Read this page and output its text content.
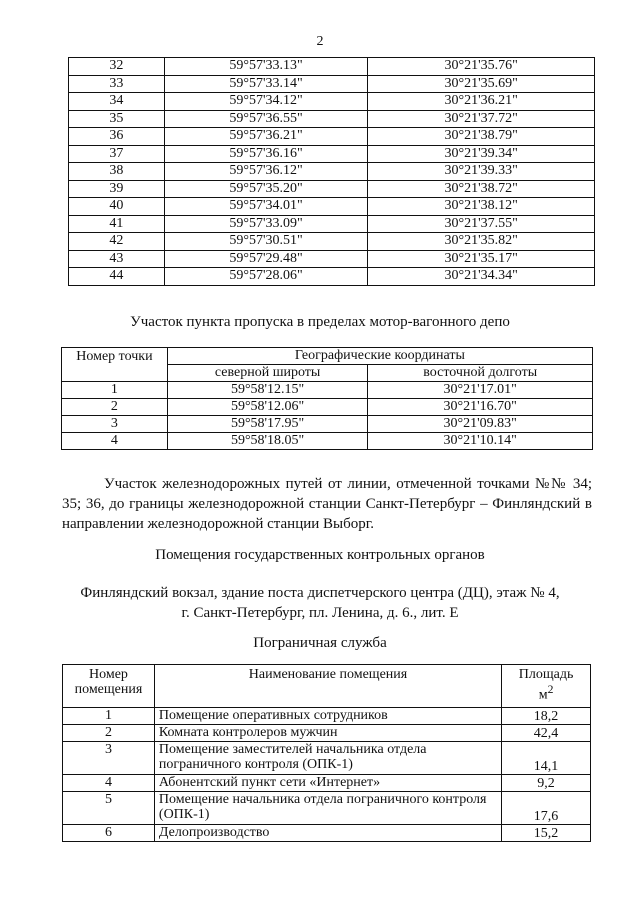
2
32	59°57'33.13"	30°21'35.76"
33	59°57'33.14"	30°21'35.69"
34	59°57'34.12"	30°21'36.21"
35	59°57'36.55"	30°21'37.72"
36	59°57'36.21"	30°21'38.79"
37	59°57'36.16"	30°21'39.34"
38	59°57'36.12"	30°21'39.33"
39	59°57'35.20"	30°21'38.72"
40	59°57'34.01"	30°21'38.12"
41	59°57'33.09"	30°21'37.55"
42	59°57'30.51"	30°21'35.82"
43	59°57'29.48"	30°21'35.17"
44	59°57'28.06"	30°21'34.34"
Участок пункта пропуска в пределах мотор-вагонного депо
Номер точки	Географические координаты	
	северной широты	восточной долготы
1	59°58'12.15"	30°21'17.01"
2	59°58'12.06"	30°21'16.70"
3	59°58'17.95"	30°21'09.83"
4	59°58'18.05"	30°21'10.14"
Участок железнодорожных путей от линии, отмеченной точками №№ 34; 35; 36, до границы железнодорожной станции Санкт-Петербург – Финляндский в направлении железнодорожной станции Выборг.
Помещения государственных контрольных органов
Финляндский вокзал, здание поста диспетчерского центра (ДЦ), этаж № 4,
г. Санкт-Петербург, пл. Ленина, д. 6., лит. Е
Пограничная служба
Номер
помещения	Наименование помещения	Площадь
$м^2$
1	Помещение оперативных сотрудников	18,2
2	Комната контролеров мужчин	42,4
3	Помещение заместителей начальника отдела пограничного контроля (ОПК-1)	14,1
4	Абонентский пункт сети «Интернет»	9,2
5	Помещение начальника отдела пограничного контроля (ОПК-1)	17,6
6	Делопроизводство	15,2
